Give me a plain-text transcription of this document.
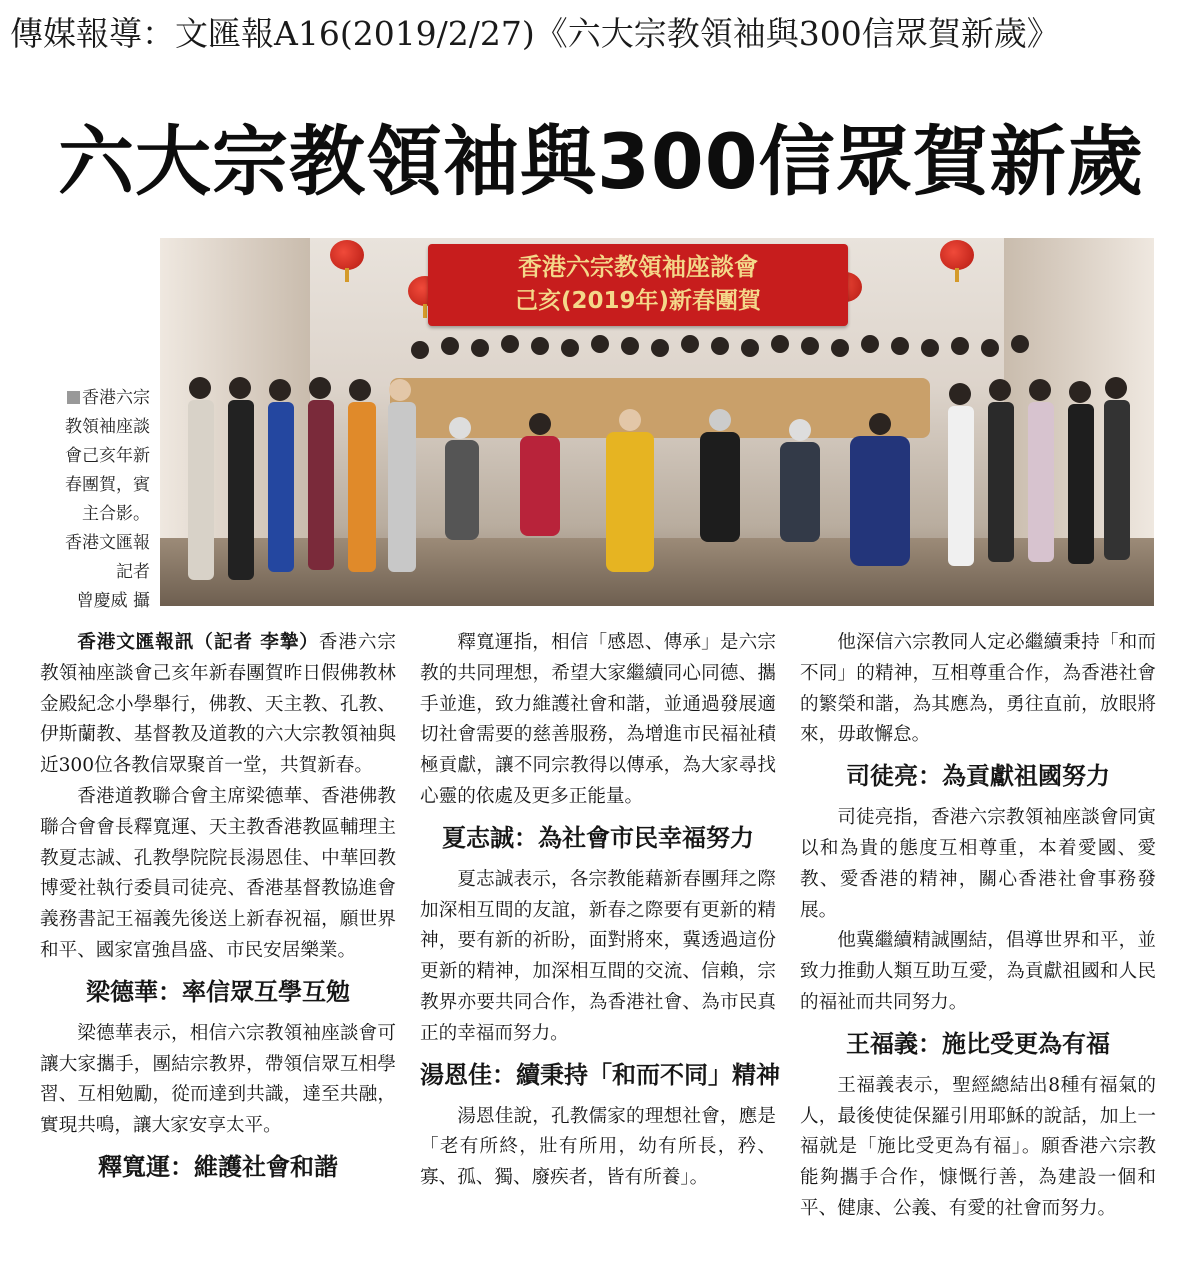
傳媒報導：文匯報A16(2019/2/27)《六大宗教領袖與300信眾賀新歲》
六大宗教領袖與300信眾賀新歲
香港六宗
教領袖座談
會己亥年新
春團賀，賓
主合影。
香港文匯報
記者
曾慶威 攝
香港六宗教領袖座談會
己亥(2019年)新春團賀

香港文匯報訊（記者 李摯）香港六宗教領袖座談會己亥年新春團賀昨日假佛教林金殿紀念小學舉行，佛教、天主教、孔教、伊斯蘭教、基督教及道教的六大宗教領袖與近300位各教信眾聚首一堂，共賀新春。

香港道教聯合會主席梁德華、香港佛教聯合會會長釋寬運、天主教香港教區輔理主教夏志誠、孔教學院院長湯恩佳、中華回教博愛社執行委員司徒亮、香港基督教協進會義務書記王福義先後送上新春祝福，願世界和平、國家富強昌盛、市民安居樂業。

梁德華：率信眾互學互勉

梁德華表示，相信六宗教領袖座談會可讓大家攜手，團結宗教界，帶領信眾互相學習、互相勉勵，從而達到共識，達至共融，實現共鳴，讓大家安享太平。

釋寬運：維護社會和諧

釋寬運指，相信「感恩、傳承」是六宗教的共同理想，希望大家繼續同心同德、攜手並進，致力維護社會和諧，並通過發展適切社會需要的慈善服務，為增進市民福祉積極貢獻，讓不同宗教得以傳承，為大家尋找心靈的依處及更多正能量。

夏志誠：為社會市民幸福努力

夏志誠表示，各宗教能藉新春團拜之際加深相互間的友誼，新春之際要有更新的精神，要有新的祈盼，面對將來，冀透過這份更新的精神，加深相互間的交流、信賴，宗教界亦要共同合作，為香港社會、為市民真正的幸福而努力。

湯恩佳：續秉持「和而不同」精神

湯恩佳說，孔教儒家的理想社會，應是「老有所終，壯有所用，幼有所長，矜、寡、孤、獨、廢疾者，皆有所養」。

他深信六宗教同人定必繼續秉持「和而不同」的精神，互相尊重合作，為香港社會的繁榮和諧，為其應為，勇往直前，放眼將來，毋敢懈怠。

司徒亮：為貢獻祖國努力

司徒亮指，香港六宗教領袖座談會同寅以和為貴的態度互相尊重，本着愛國、愛教、愛香港的精神，關心香港社會事務發展。

他冀繼續精誠團結，倡導世界和平，並致力推動人類互助互愛，為貢獻祖國和人民的福祉而共同努力。

王福義：施比受更為有福

王福義表示，聖經總結出8種有福氣的人，最後使徒保羅引用耶穌的說話，加上一福就是「施比受更為有福」。願香港六宗教能夠攜手合作，慷慨行善，為建設一個和平、健康、公義、有愛的社會而努力。
